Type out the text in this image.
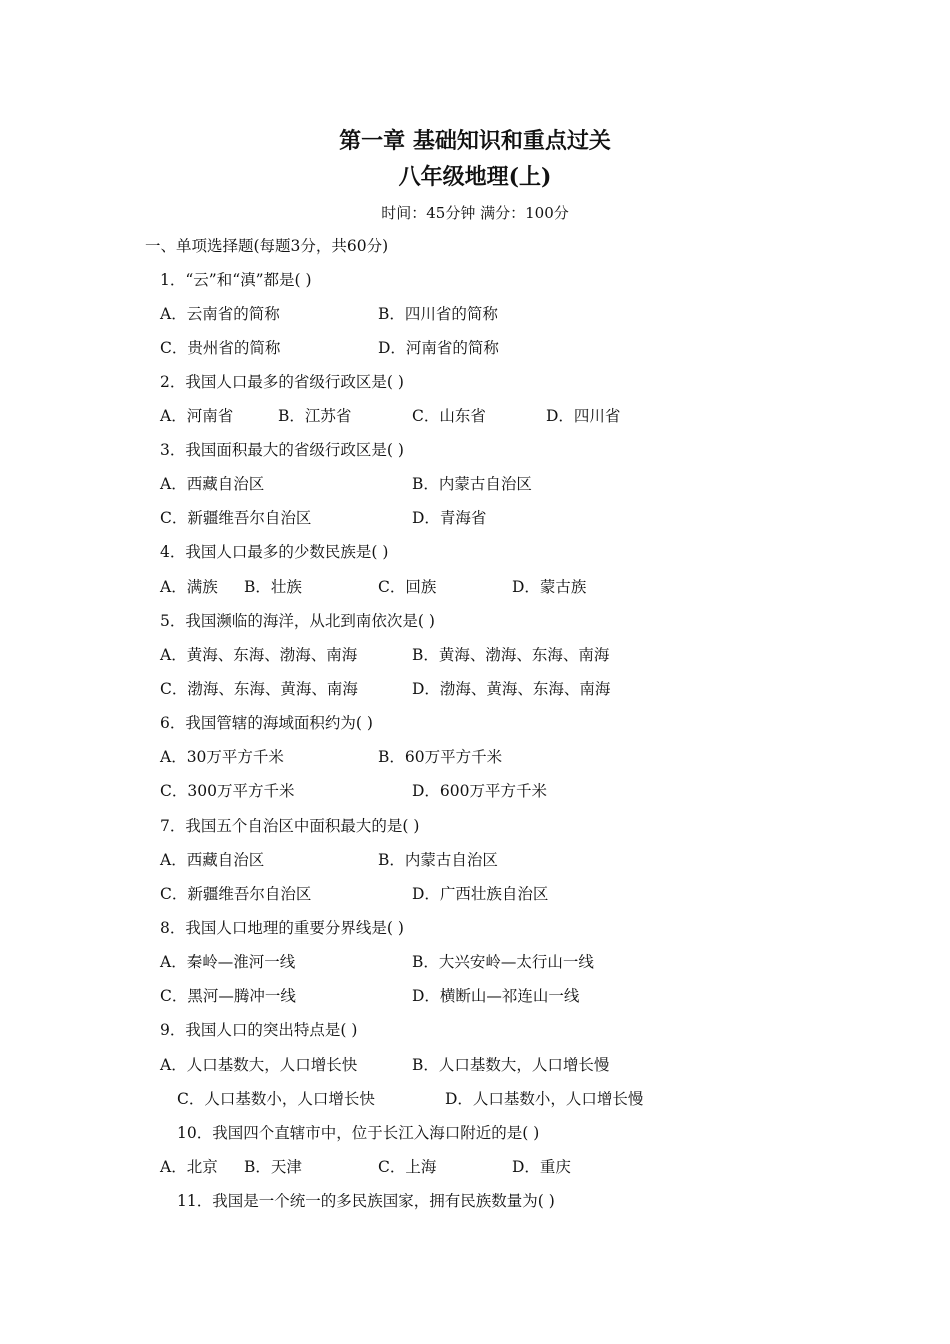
第一章 基础知识和重点过关
八年级地理(上)
时间：45分钟 满分：100分
一、单项选择题(每题3分，共60分)
1．“云”和“滇”都是( )
A．云南省的简称	B．四川省的简称
C．贵州省的简称	D．河南省的简称
2．我国人口最多的省级行政区是( )
A．河南省	B．江苏省	C．山东省	D．四川省
3．我国面积最大的省级行政区是( )
A．西藏自治区	B．内蒙古自治区
C．新疆维吾尔自治区	D．青海省
4．我国人口最多的少数民族是( )
A．满族 B．壮族	C．回族	D．蒙古族
5．我国濒临的海洋，从北到南依次是( )
A．黄海、东海、渤海、南海	B．黄海、渤海、东海、南海
C．渤海、东海、黄海、南海	D．渤海、黄海、东海、南海
6．我国管辖的海域面积约为( )
A．30万平方千米	B．60万平方千米
C．300万平方千米	D．600万平方千米
7．我国五个自治区中面积最大的是( )
A．西藏自治区	B．内蒙古自治区
C．新疆维吾尔自治区	D．广西壮族自治区
8．我国人口地理的重要分界线是( )
A．秦岭—淮河一线	B．大兴安岭—太行山一线
C．黑河—腾冲一线	D．横断山—祁连山一线
9．我国人口的突出特点是( )
A．人口基数大，人口增长快	B．人口基数大，人口增长慢
C．人口基数小，人口增长快	D．人口基数小，人口增长慢
10．我国四个直辖市中，位于长江入海口附近的是( )
A．北京 B．天津	C．上海	D．重庆
11．我国是一个统一的多民族国家，拥有民族数量为( )
